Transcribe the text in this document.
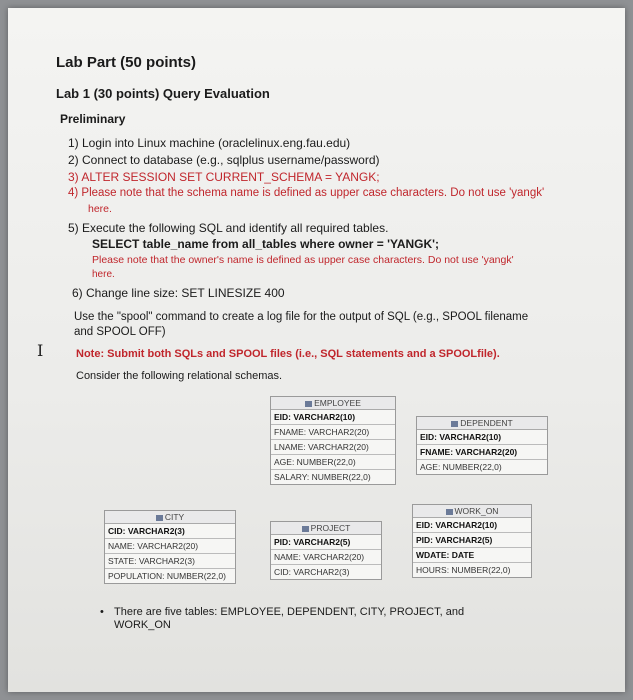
Lab Part (50 points)
Lab 1 (30 points) Query Evaluation
Preliminary
1) Login into Linux machine (oraclelinux.eng.fau.edu)
2) Connect to database (e.g., sqlplus username/password)
3) ALTER SESSION SET CURRENT_SCHEMA = YANGK;
4) Please note that the schema name is defined as upper case characters. Do not use 'yangk'
here.
5) Execute the following SQL and identify all required tables.
SELECT table_name from all_tables where owner = 'YANGK';
Please note that the owner's name is defined as upper case characters. Do not use 'yangk'
here.
6) Change line size: SET LINESIZE 400
Use the "spool" command to create a log file for the output of SQL (e.g., SPOOL filename
and SPOOL OFF)
I	Note: Submit both SQLs and SPOOL files (i.e., SQL statements and a SPOOLfile).
Consider the following relational schemas.
EMPLOYEE
EID: VARCHAR2(10)
FNAME: VARCHAR2(20)
LNAME: VARCHAR2(20)
AGE: NUMBER(22,0)
SALARY: NUMBER(22,0)
DEPENDENT
EID: VARCHAR2(10)
FNAME: VARCHAR2(20)
AGE: NUMBER(22,0)
CITY
CID: VARCHAR2(3)
NAME: VARCHAR2(20)
STATE: VARCHAR2(3)
POPULATION: NUMBER(22,0)
PROJECT
PID: VARCHAR2(5)
NAME: VARCHAR2(20)
CID: VARCHAR2(3)
WORK_ON
EID: VARCHAR2(10)
PID: VARCHAR2(5)
WDATE: DATE
HOURS: NUMBER(22,0)
• There are five tables: EMPLOYEE, DEPENDENT, CITY, PROJECT, and
WORK_ON
